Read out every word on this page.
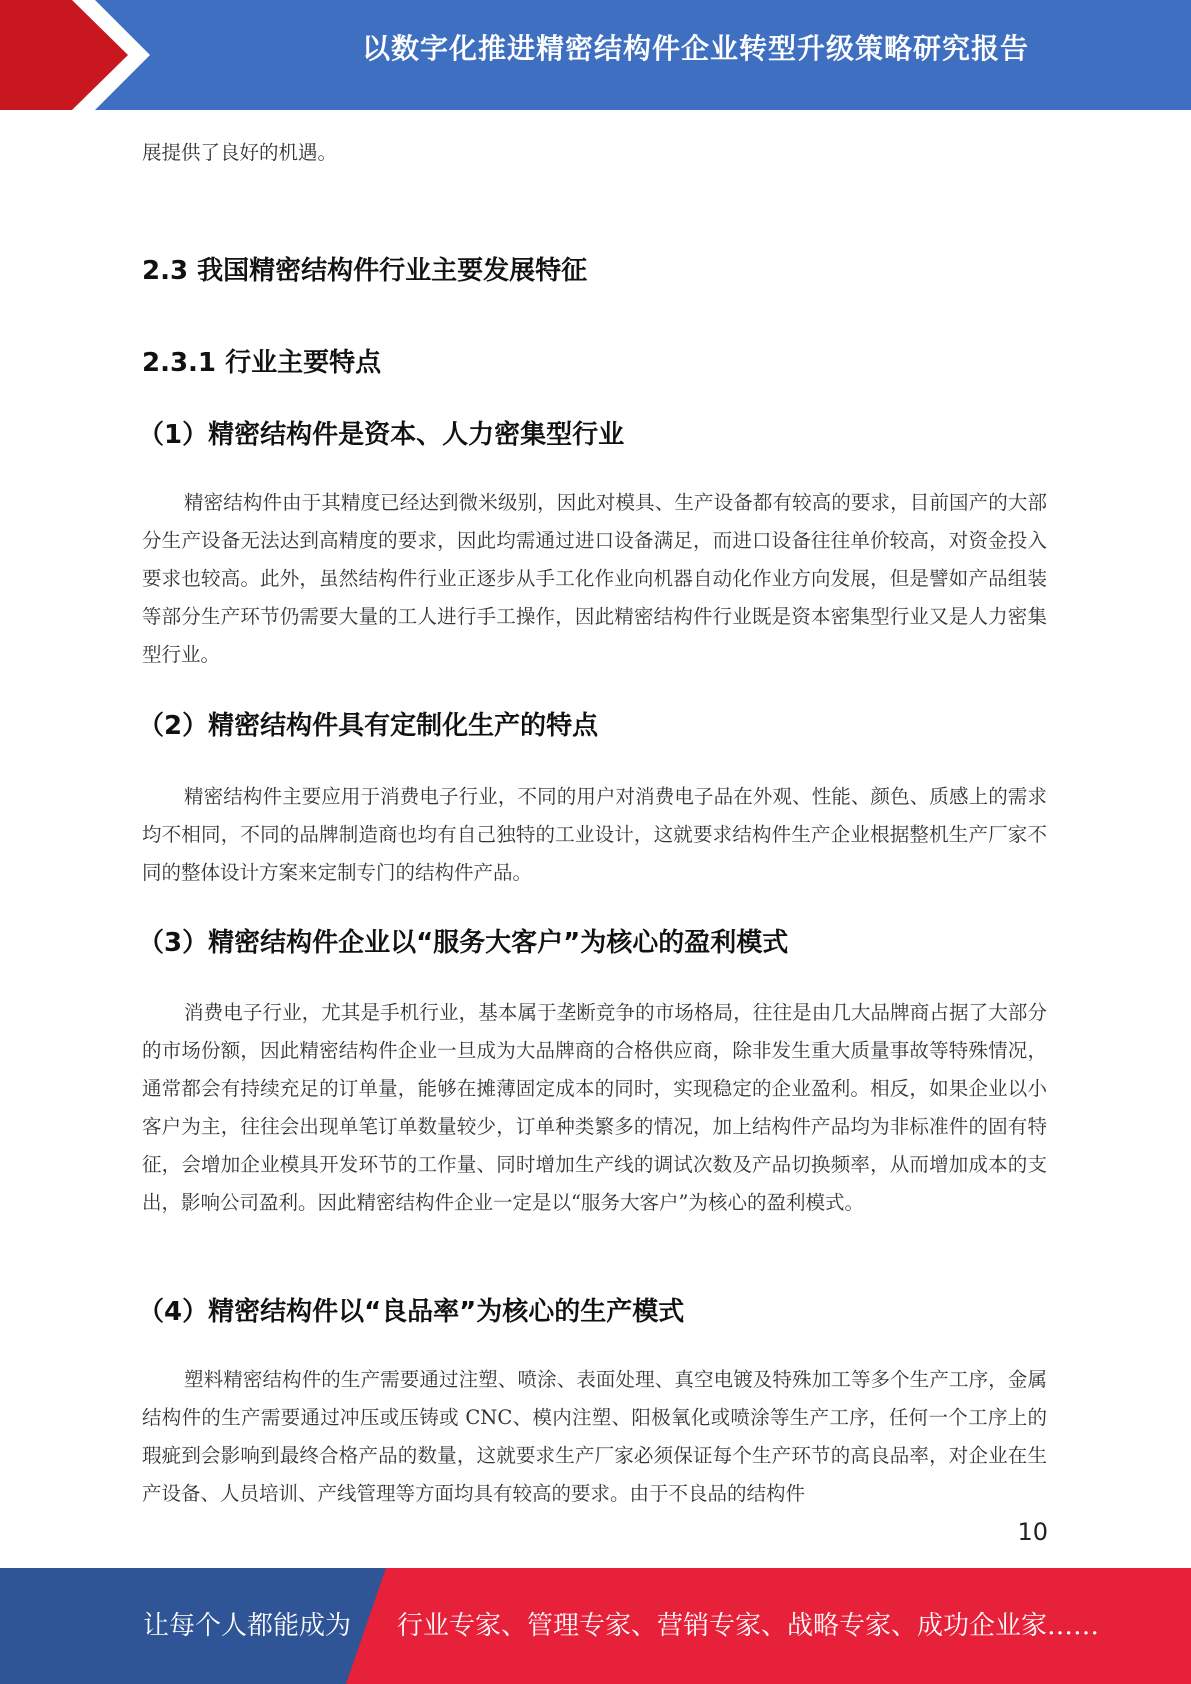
以数字化推进精密结构件企业转型升级策略研究报告

展提供了良好的机遇。

2.3 我国精密结构件行业主要发展特征
2.3.1 行业主要特点
（1）精密结构件是资本、人力密集型行业

精密结构件由于其精度已经达到微米级别，因此对模具、生产设备都有较高的要求，目前国产的大部分生产设备无法达到高精度的要求，因此均需通过进口设备满足，而进口设备往往单价较高，对资金投入要求也较高。此外，虽然结构件行业正逐步从手工化作业向机器自动化作业方向发展，但是譬如产品组装等部分生产环节仍需要大量的工人进行手工操作，因此精密结构件行业既是资本密集型行业又是人力密集型行业。

（2）精密结构件具有定制化生产的特点

精密结构件主要应用于消费电子行业，不同的用户对消费电子品在外观、性能、颜色、质感上的需求均不相同，不同的品牌制造商也均有自己独特的工业设计，这就要求结构件生产企业根据整机生产厂家不同的整体设计方案来定制专门的结构件产品。

（3）精密结构件企业以“服务大客户”为核心的盈利模式

消费电子行业，尤其是手机行业，基本属于垄断竞争的市场格局，往往是由几大品牌商占据了大部分的市场份额，因此精密结构件企业一旦成为大品牌商的合格供应商，除非发生重大质量事故等特殊情况，通常都会有持续充足的订单量，能够在摊薄固定成本的同时，实现稳定的企业盈利。相反，如果企业以小客户为主，往往会出现单笔订单数量较少，订单种类繁多的情况，加上结构件产品均为非标准件的固有特征，会增加企业模具开发环节的工作量、同时增加生产线的调试次数及产品切换频率，从而增加成本的支出，影响公司盈利。因此精密结构件企业一定是以“服务大客户”为核心的盈利模式。

（4）精密结构件以“良品率”为核心的生产模式

塑料精密结构件的生产需要通过注塑、喷涂、表面处理、真空电镀及特殊加工等多个生产工序，金属结构件的生产需要通过冲压或压铸或 CNC、模内注塑、阳极氧化或喷涂等生产工序，任何一个工序上的瑕疵到会影响到最终合格产品的数量，这就要求生产厂家必须保证每个生产环节的高良品率，对企业在生产设备、人员培训、产线管理等方面均具有较高的要求。由于不良品的结构件

10
让每个人都能成为 行业专家、管理专家、营销专家、战略专家、成功企业家……
